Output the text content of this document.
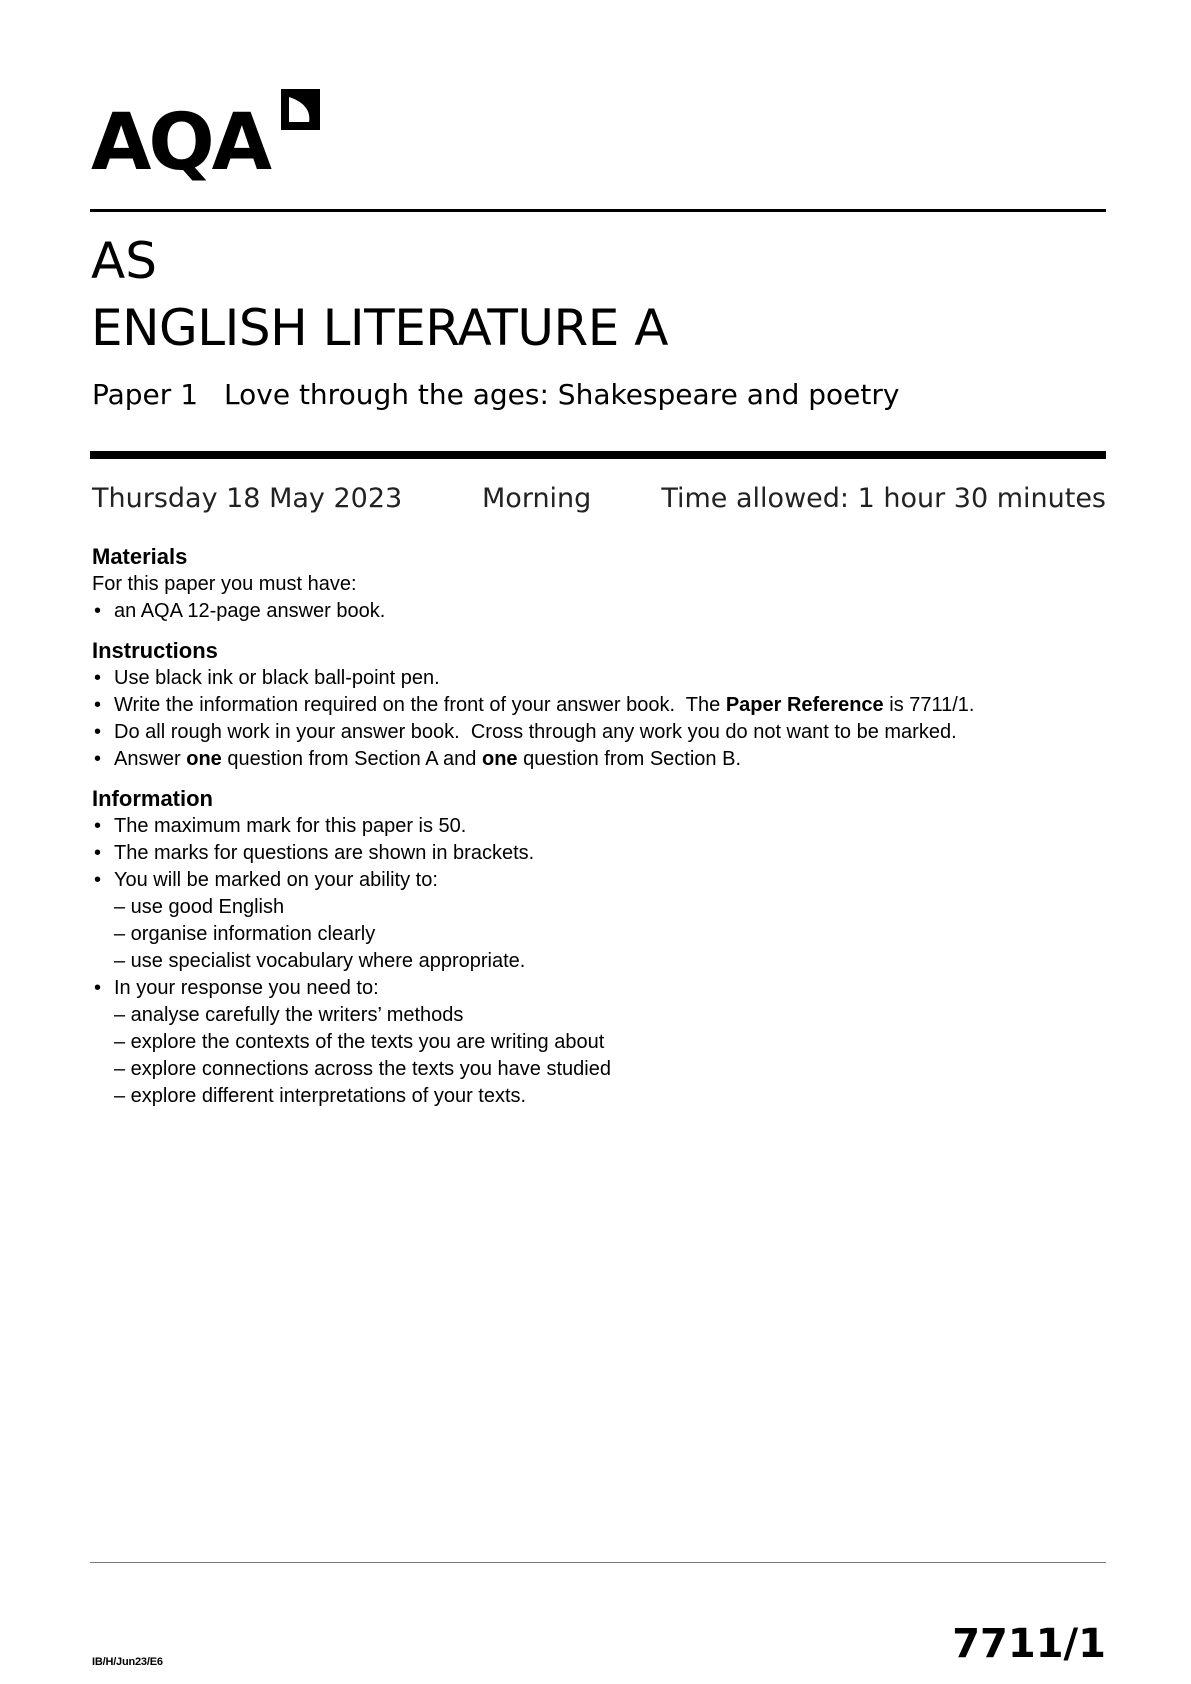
AQA
AS
ENGLISH LITERATURE A
Paper 1 Love through the ages: Shakespeare and poetry
Thursday 18 May 2023	Morning	Time allowed: 1 hour 30 minutes
Materials

For this paper you must have:

• an AQA 12-page answer book.
Instructions
• Use black ink or black ball-point pen.
• Write the information required on the front of your answer book.  The Paper Reference is 7711/1.
• Do all rough work in your answer book.  Cross through any work you do not want to be marked.
• Answer one question from Section A and one question from Section B.
Information
• The maximum mark for this paper is 50.
• The marks for questions are shown in brackets.
• You will be marked on your ability to:
– use good English
– organise information clearly
– use specialist vocabulary where appropriate.
• In your response you need to:
– analyse carefully the writers’ methods
– explore the contexts of the texts you are writing about
– explore connections across the texts you have studied
– explore different interpretations of your texts.
IB/H/Jun23/E6	7711/1
